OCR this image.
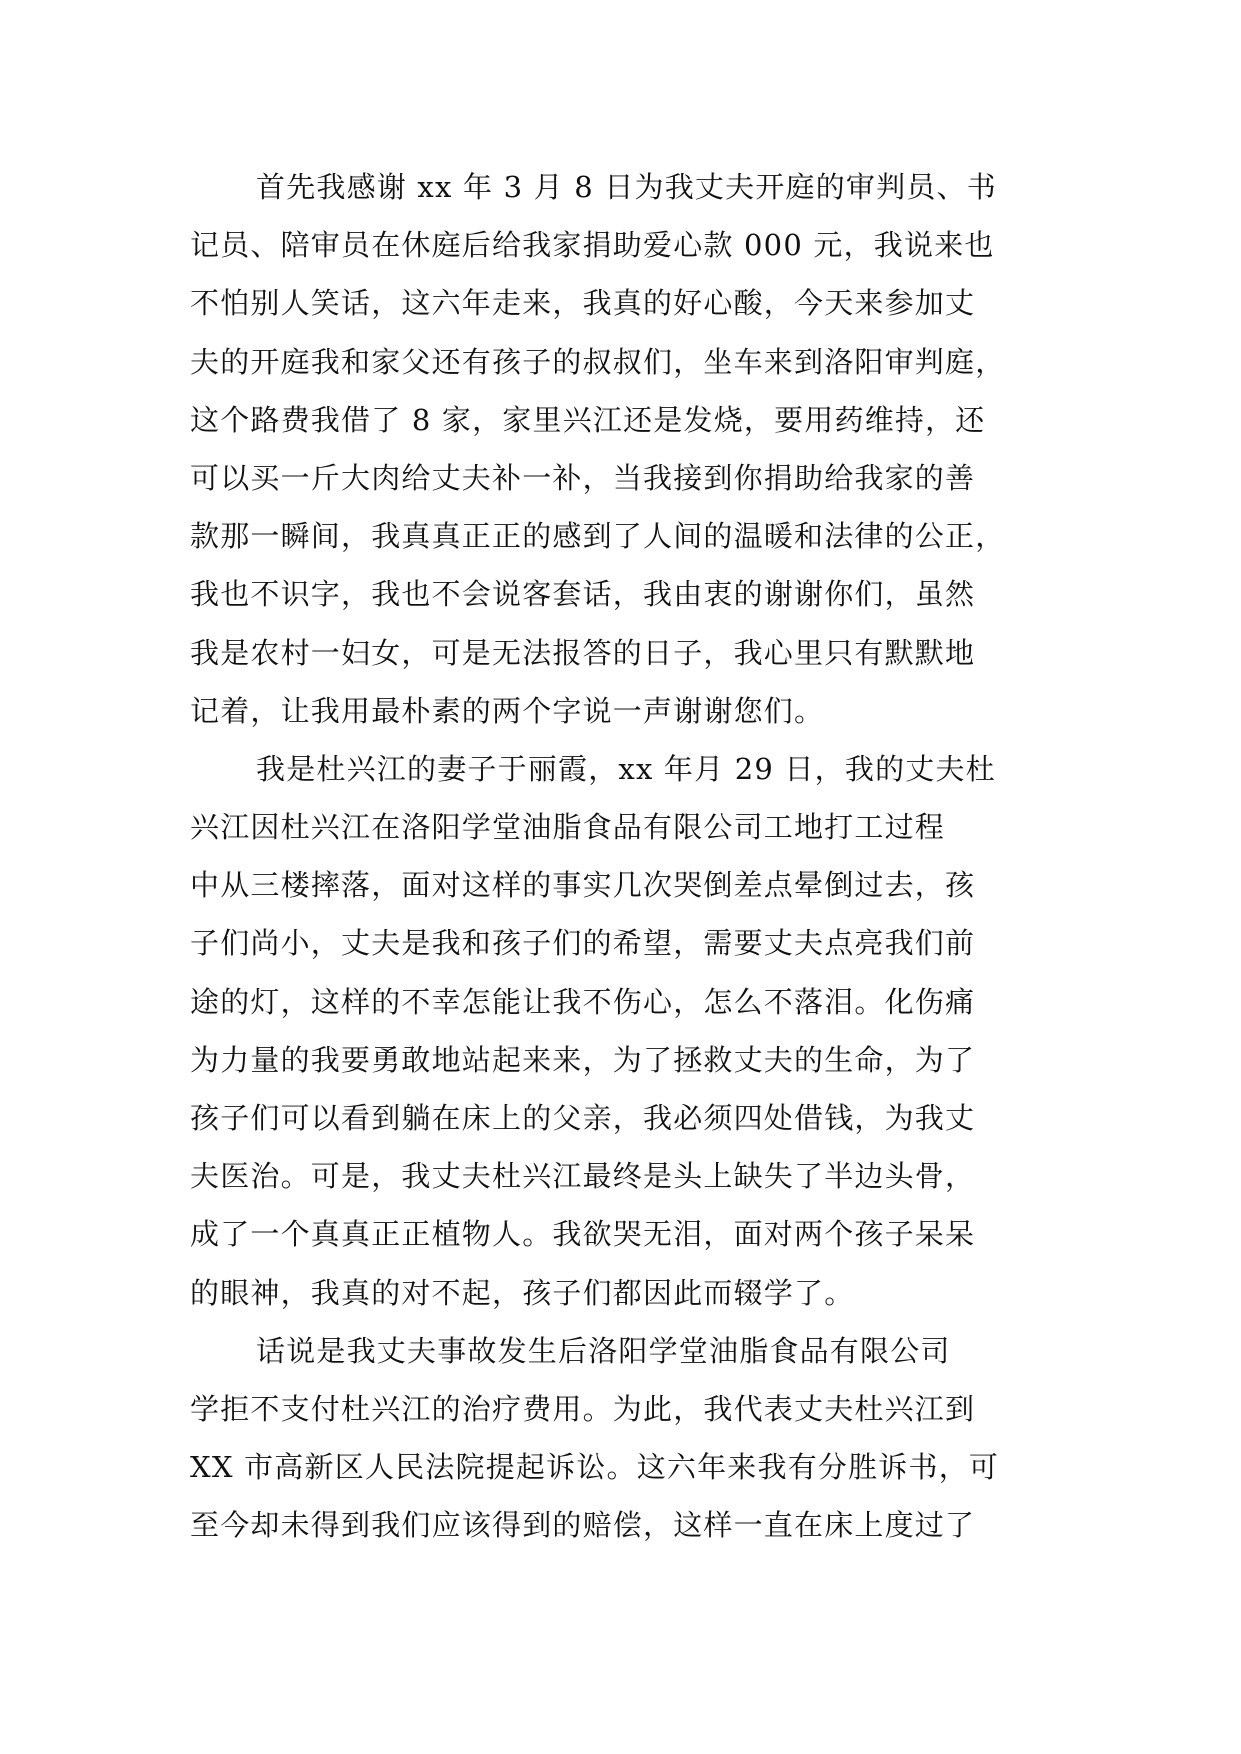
首先我感谢 xx 年 3 月 8 日为我丈夫开庭的审判员、书
记员、陪审员在休庭后给我家捐助爱心款 000 元，我说来也
不怕别人笑话，这六年走来，我真的好心酸，今天来参加丈
夫的开庭我和家父还有孩子的叔叔们，坐车来到洛阳审判庭，
这个路费我借了 8 家，家里兴江还是发烧，要用药维持，还
可以买一斤大肉给丈夫补一补，当我接到你捐助给我家的善
款那一瞬间，我真真正正的感到了人间的温暖和法律的公正，
我也不识字，我也不会说客套话，我由衷的谢谢你们，虽然
我是农村一妇女，可是无法报答的日子，我心里只有默默地
记着，让我用最朴素的两个字说一声谢谢您们。
我是杜兴江的妻子于丽霞，xx 年月 29 日，我的丈夫杜
兴江因杜兴江在洛阳学堂油脂食品有限公司工地打工过程
中从三楼摔落，面对这样的事实几次哭倒差点晕倒过去，孩
子们尚小，丈夫是我和孩子们的希望，需要丈夫点亮我们前
途的灯，这样的不幸怎能让我不伤心，怎么不落泪。化伤痛
为力量的我要勇敢地站起来来，为了拯救丈夫的生命，为了
孩子们可以看到躺在床上的父亲，我必须四处借钱，为我丈
夫医治。可是，我丈夫杜兴江最终是头上缺失了半边头骨，
成了一个真真正正植物人。我欲哭无泪，面对两个孩子呆呆
的眼神，我真的对不起，孩子们都因此而辍学了。
话说是我丈夫事故发生后洛阳学堂油脂食品有限公司
学拒不支付杜兴江的治疗费用。为此，我代表丈夫杜兴江到
XX 市高新区人民法院提起诉讼。这六年来我有分胜诉书，可
至今却未得到我们应该得到的赔偿，这样一直在床上度过了
